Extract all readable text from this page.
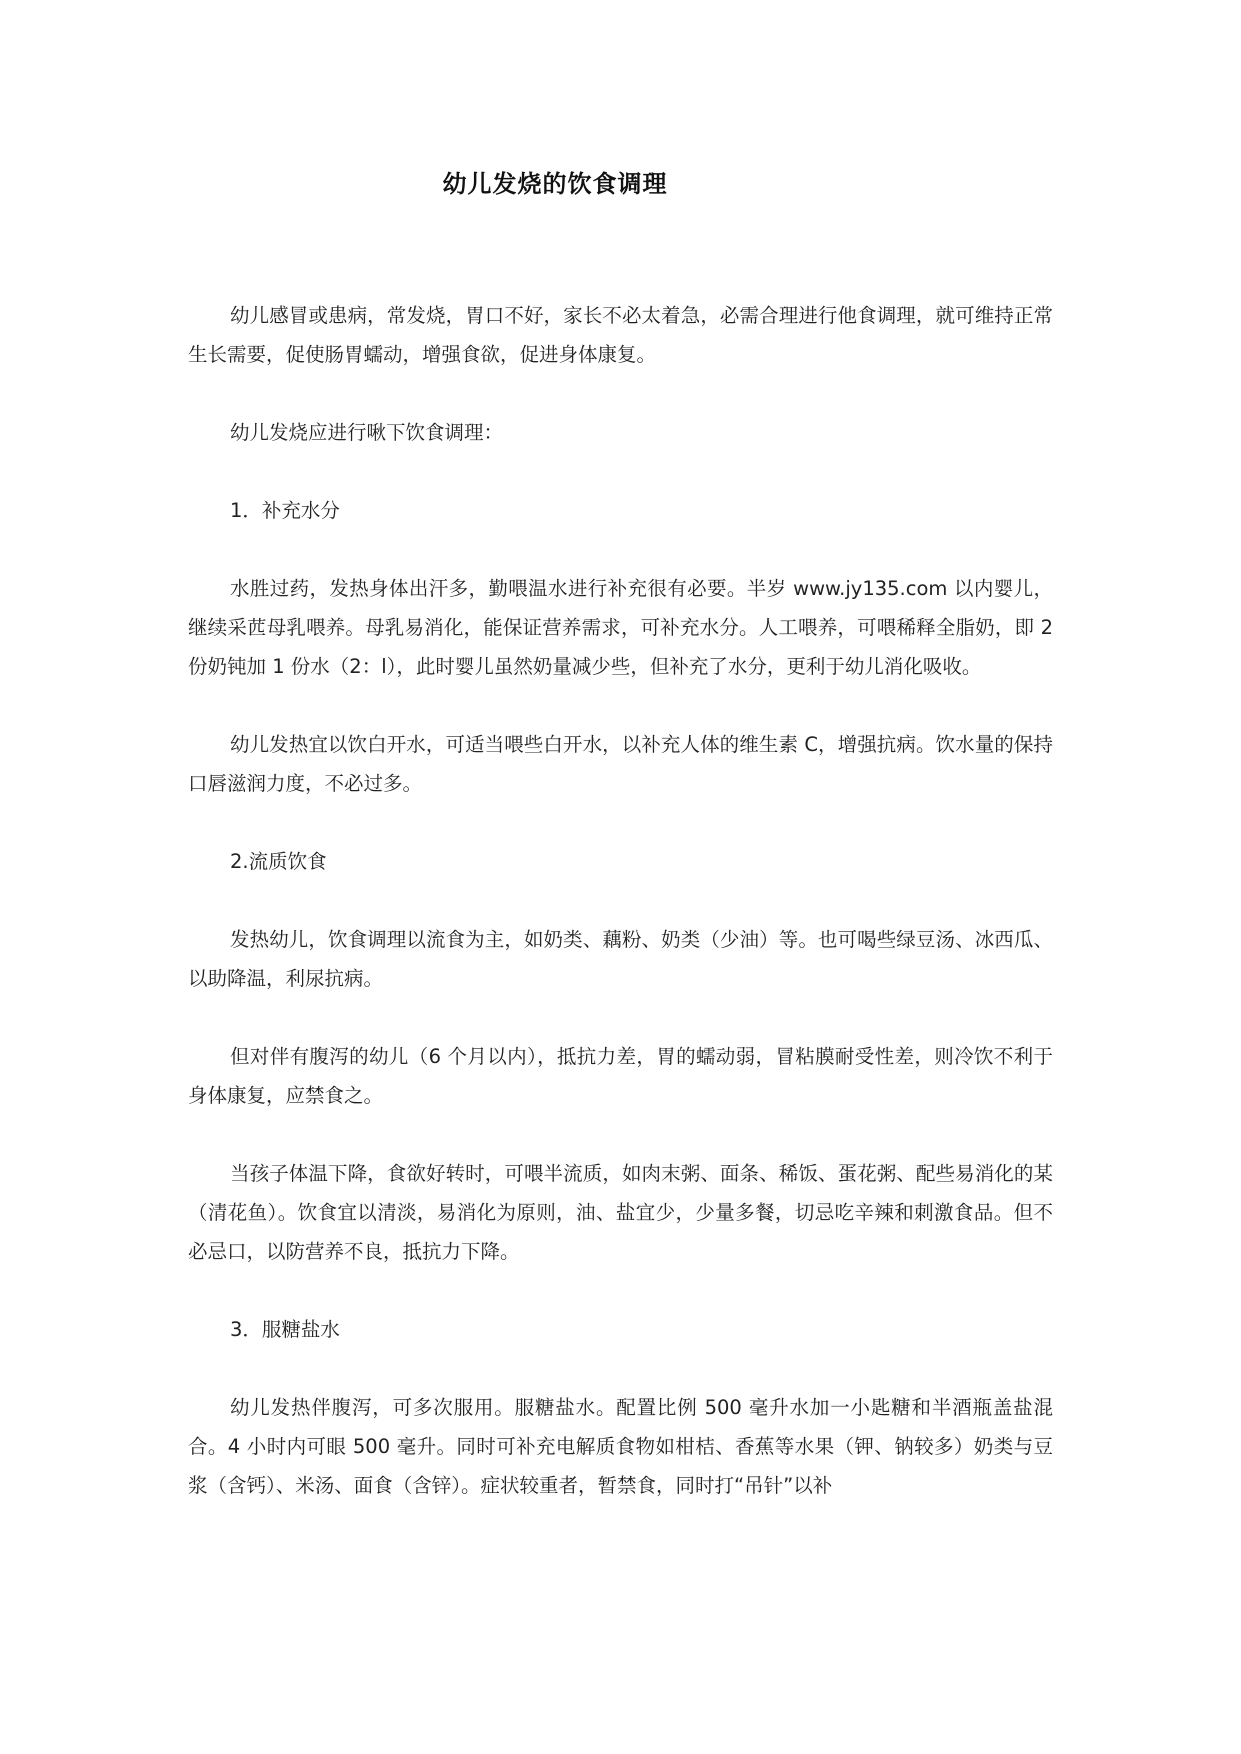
幼儿发烧的饮食调理

幼儿感冒或患病，常发烧，胃口不好，家长不必太着急，必需合理进行他食调理，就可维持正常生长需要，促使肠胃蠕动，增强食欲，促进身体康复。

幼儿发烧应进行啾下饮食调理：

1．补充水分

水胜过药，发热身体出汗多，勤喂温水进行补充很有必要。半岁 www.jy135.com 以内婴儿，继续采苉母乳喂养。母乳易消化，能保证营养需求，可补充水分。人工喂养，可喂稀释全脂奶，即 2 份奶钝加 1 份水（2：l），此时婴儿虽然奶量减少些，但补充了水分，更利于幼儿消化吸收。

幼儿发热宜以饮白开水，可适当喂些白开水，以补充人体的维生素 C，增强抗病。饮水量的保持口唇滋润力度，不必过多。

2.流质饮食

发热幼儿，饮食调理以流食为主，如奶类、藕粉、奶类（少油）等。也可喝些绿豆汤、冰西瓜、以助降温，利尿抗病。

但对伴有腹泻的幼儿（6 个月以内），抵抗力差，胃的蠕动弱，冒粘膜耐受性差，则冷饮不利于身体康复，应禁食之。

当孩子体温下降，食欲好转时，可喂半流质，如肉末粥、面条、稀饭、蛋花粥、配些易消化的某（清花鱼）。饮食宜以清淡，易消化为原则，油、盐宜少，少量多餐，切忌吃辛辣和刺激食品。但不必忌口，以防营养不良，抵抗力下降。

3．服糖盐水

幼儿发热伴腹泻，可多次服用。服糖盐水。配置比例 500 毫升水加一小匙糖和半酒瓶盖盐混合。4 小时内可眼 500 毫升。同时可补充电解质食物如柑桔、香蕉等水果（钾、钠较多）奶类与豆浆（含钙）、米汤、面食（含锌）。症状较重者，暂禁食，同时打“吊针”以补
